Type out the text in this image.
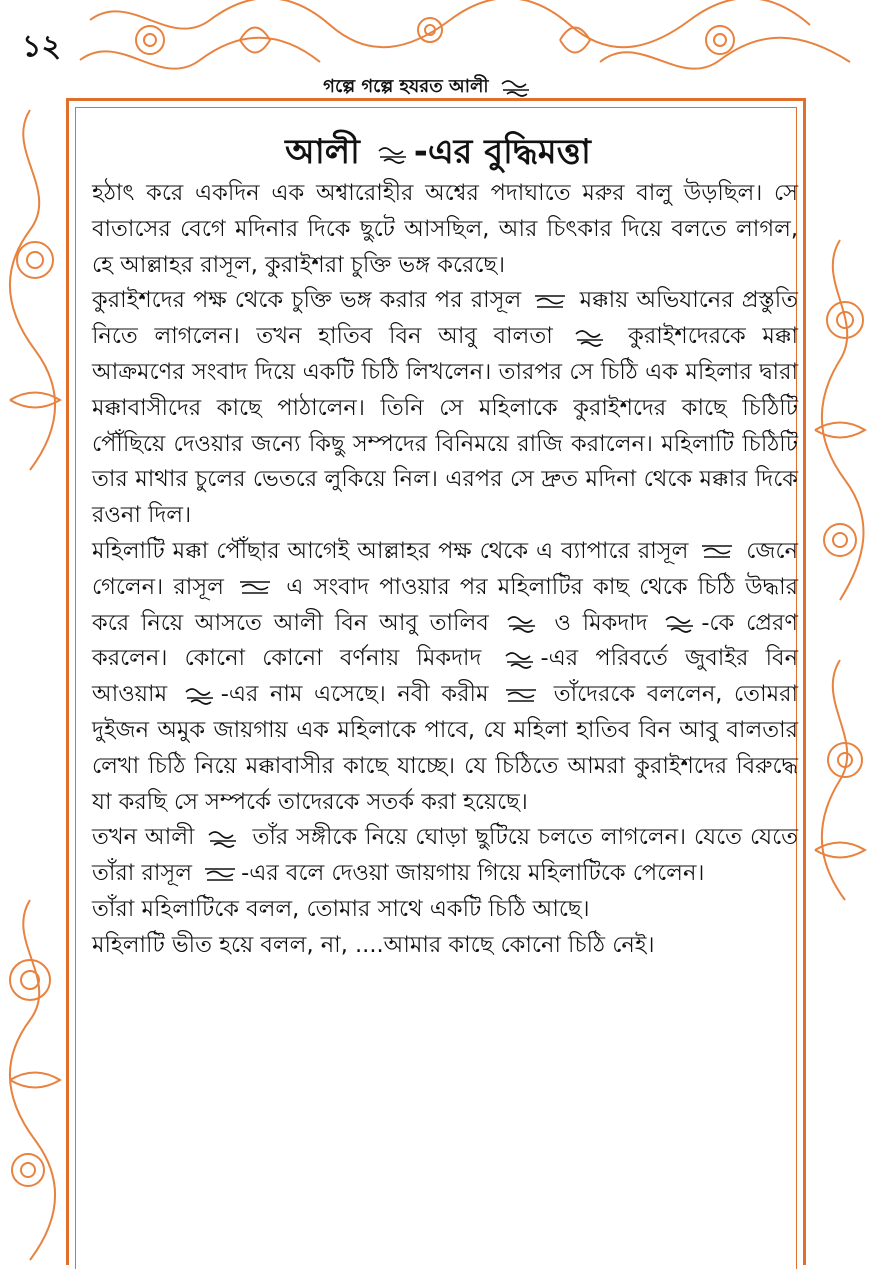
১২
গল্পে গল্পে হযরত আলী
আলী -এর বুদ্ধিমত্তা

হঠাৎ করে একদিন এক অশ্বারোহীর অশ্বের পদাঘাতে মরুর বালু উড়ছিল। সে বাতাসের বেগে মদিনার দিকে ছুটে আসছিল, আর চিৎকার দিয়ে বলতে লাগল, হে আল্লাহর রাসূল, কুরাইশরা চুক্তি ভঙ্গ করেছে।

কুরাইশদের পক্ষ থেকে চুক্তি ভঙ্গ করার পর রাসূল	মক্কায় অভিযানের প্রস্তুতি নিতে লাগলেন। তখন হাতিব বিন আবু বালতা	কুরাইশদেরকে মক্কা আক্রমণের সংবাদ দিয়ে একটি চিঠি লিখলেন। তারপর সে চিঠি এক মহিলার দ্বারা মক্কাবাসীদের কাছে পাঠালেন। তিনি সে মহিলাকে কুরাইশদের কাছে চিঠিটি পৌঁছিয়ে দেওয়ার জন্যে কিছু সম্পদের বিনিময়ে রাজি করালেন। মহিলাটি চিঠিটি তার মাথার চুলের ভেতরে লুকিয়ে নিল। এরপর সে দ্রুত মদিনা থেকে মক্কার দিকে রওনা দিল।

মহিলাটি মক্কা পৌঁছার আগেই আল্লাহর পক্ষ থেকে এ ব্যাপারে রাসূল	জেনে গেলেন। রাসূল	এ সংবাদ পাওয়ার পর মহিলাটির কাছ থেকে চিঠি উদ্ধার করে নিয়ে আসতে আলী বিন আবু তালিব	ও মিকদাদ -কে প্রেরণ করলেন। কোনো কোনো বর্ণনায় মিকদাদ	-এর পরিবর্তে জুবাইর বিন আওয়াম -এর নাম এসেছে। নবী করীম	তাঁদেরকে বললেন, তোমরা দুইজন অমুক জায়গায় এক মহিলাকে পাবে, যে মহিলা হাতিব বিন আবু বালতার লেখা চিঠি নিয়ে মক্কাবাসীর কাছে যাচ্ছে। যে চিঠিতে আমরা কুরাইশদের বিরুদ্ধে যা করছি সে সম্পর্কে তাদেরকে সতর্ক করা হয়েছে।

তখন আলী	তাঁর সঙ্গীকে নিয়ে ঘোড়া ছুটিয়ে চলতে লাগলেন। যেতে যেতে তাঁরা রাসূল -এর বলে দেওয়া জায়গায় গিয়ে মহিলাটিকে পেলেন।

তাঁরা মহিলাটিকে বলল, তোমার সাথে একটি চিঠি আছে।

মহিলাটি ভীত হয়ে বলল, না, ....আমার কাছে কোনো চিঠি নেই।
